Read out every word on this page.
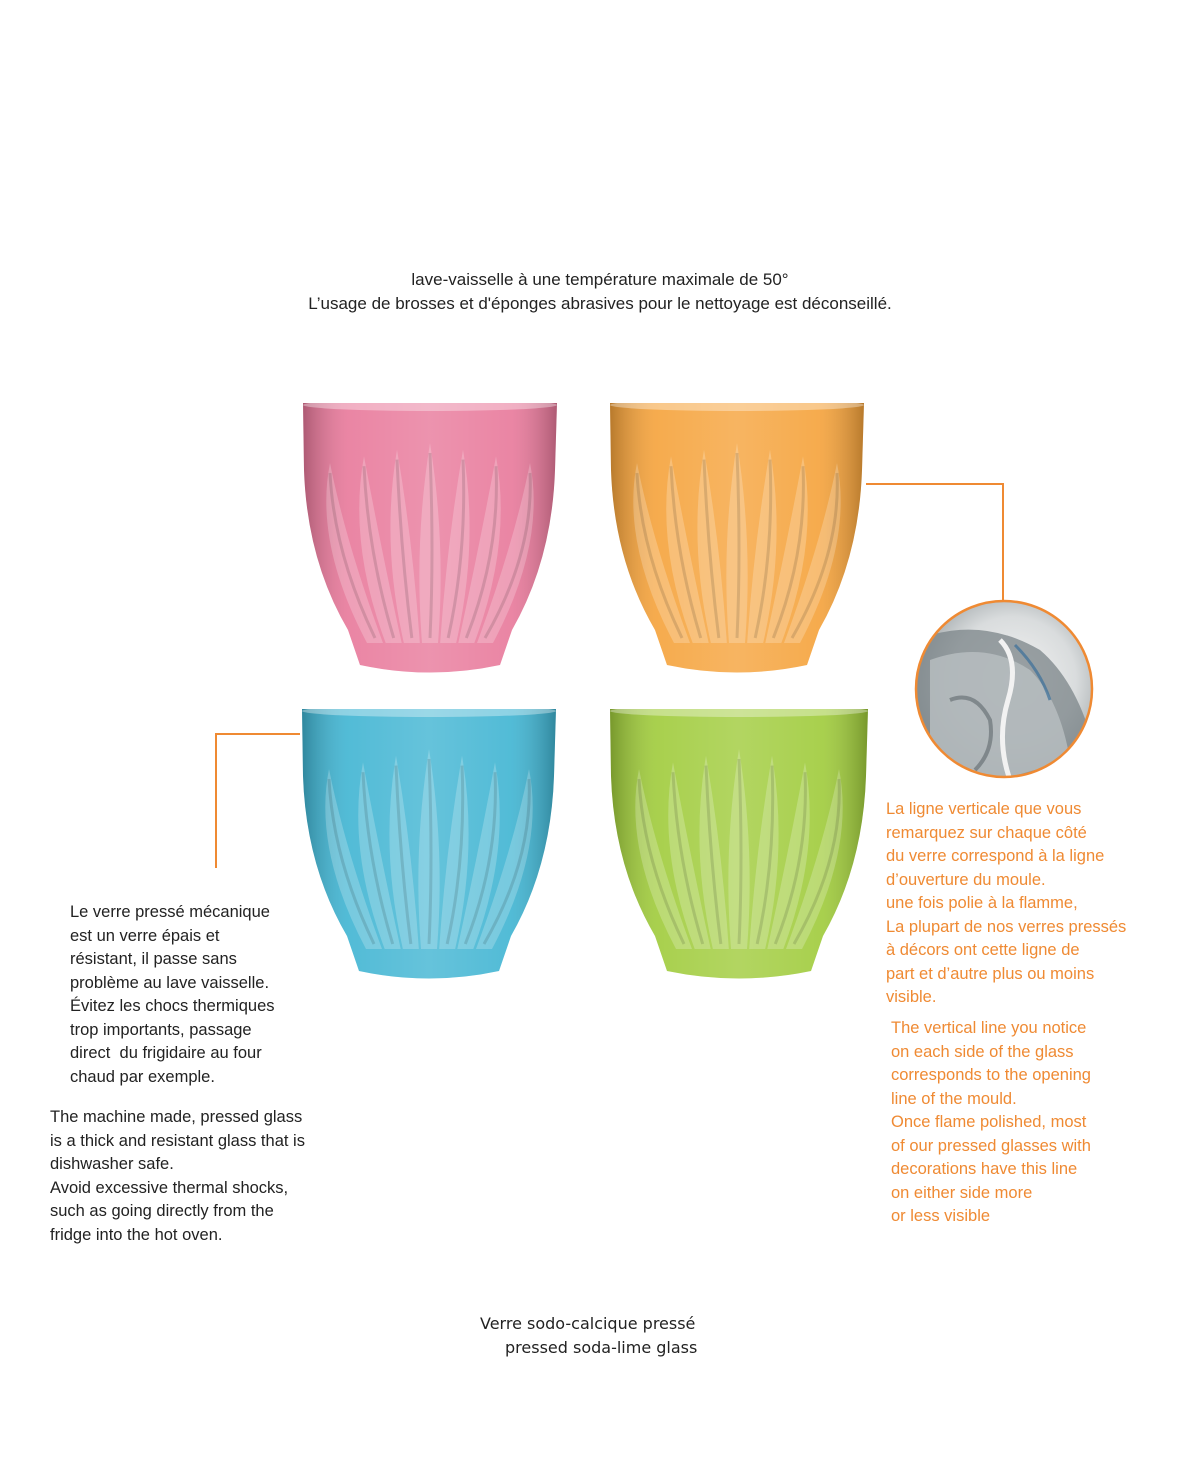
lave-vaisselle à une température maximale de 50°
L’usage de brosses et d'éponges abrasives pour le nettoyage est déconseillé.
Le verre pressé mécanique
est un verre épais et
résistant, il passe sans
problème au lave vaisselle.
Évitez les chocs thermiques
trop importants, passage
direct  du frigidaire au four
chaud par exemple.
The machine made, pressed glass
is a thick and resistant glass that is
dishwasher safe.
Avoid excessive thermal shocks,
such as going directly from the
fridge into the hot oven.
La ligne verticale que vous
remarquez sur chaque côté
du verre correspond à la ligne
d’ouverture du moule.
une fois polie à la flamme,
La plupart de nos verres pressés
à décors ont cette ligne de
part et d’autre plus ou moins
visible.
The vertical line you notice
on each side of the glass
corresponds to the opening
line of the mould.
Once flame polished, most
of our pressed glasses with
decorations have this line
on either side more
or less visible
Verre sodo-calcique pressé
pressed soda-lime glass
